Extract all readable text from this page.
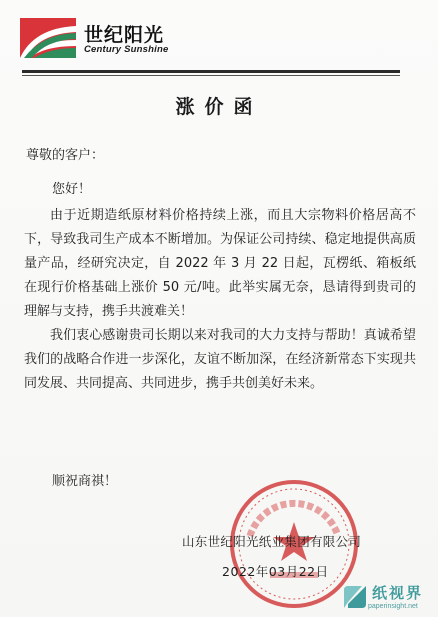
世纪阳光
Century Sunshine
涨价函
尊敬的客户：
您好！
由于近期造纸原材料价格持续上涨，而且大宗物料价格居高不下，导致我司生产成本不断增加。为保证公司持续、稳定地提供高质量产品，经研究决定，自 2022 年 3 月 22 日起，瓦楞纸、箱板纸在现行价格基础上涨价 50 元/吨。此举实属无奈，恳请得到贵司的理解与支持，携手共渡难关！
我们衷心感谢贵司长期以来对我司的大力支持与帮助！真诚希望我们的战略合作进一步深化，友谊不断加深，在经济新常态下实现共同发展、共同提高、共同进步，携手共创美好未来。
顺祝商祺！
山东世纪阳光纸业集团有限公司
2022年03月22日
纸视界
paperinsight.net
